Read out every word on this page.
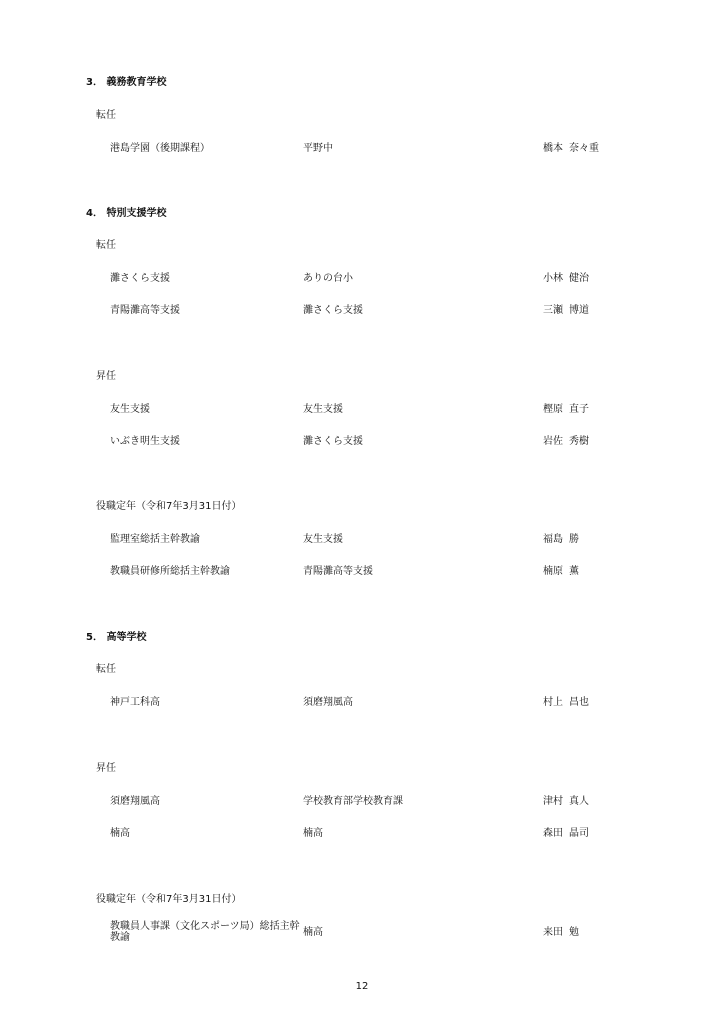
3． 義務教育学校
転任
港島学園（後期課程）	平野中	橋本 奈々重
4． 特別支援学校
転任
灘さくら支援	ありの台小	小林 健治
青陽灘高等支援	灘さくら支援	三瀬 博道
昇任
友生支援	友生支援	樫原 直子
いぶき明生支援	灘さくら支援	岩佐 秀樹
役職定年（令和7年3月31日付）
監理室総括主幹教諭	友生支援	福島 勝
教職員研修所総括主幹教諭	青陽灘高等支援	楠原 薫
5． 高等学校
転任
神戸工科高	須磨翔風高	村上 昌也
昇任
須磨翔風高	学校教育部学校教育課	津村 真人
楠高	楠高	森田 晶司
役職定年（令和7年3月31日付）
教職員人事課（文化スポーツ局）総括主幹教諭	楠高	来田 勉
12
